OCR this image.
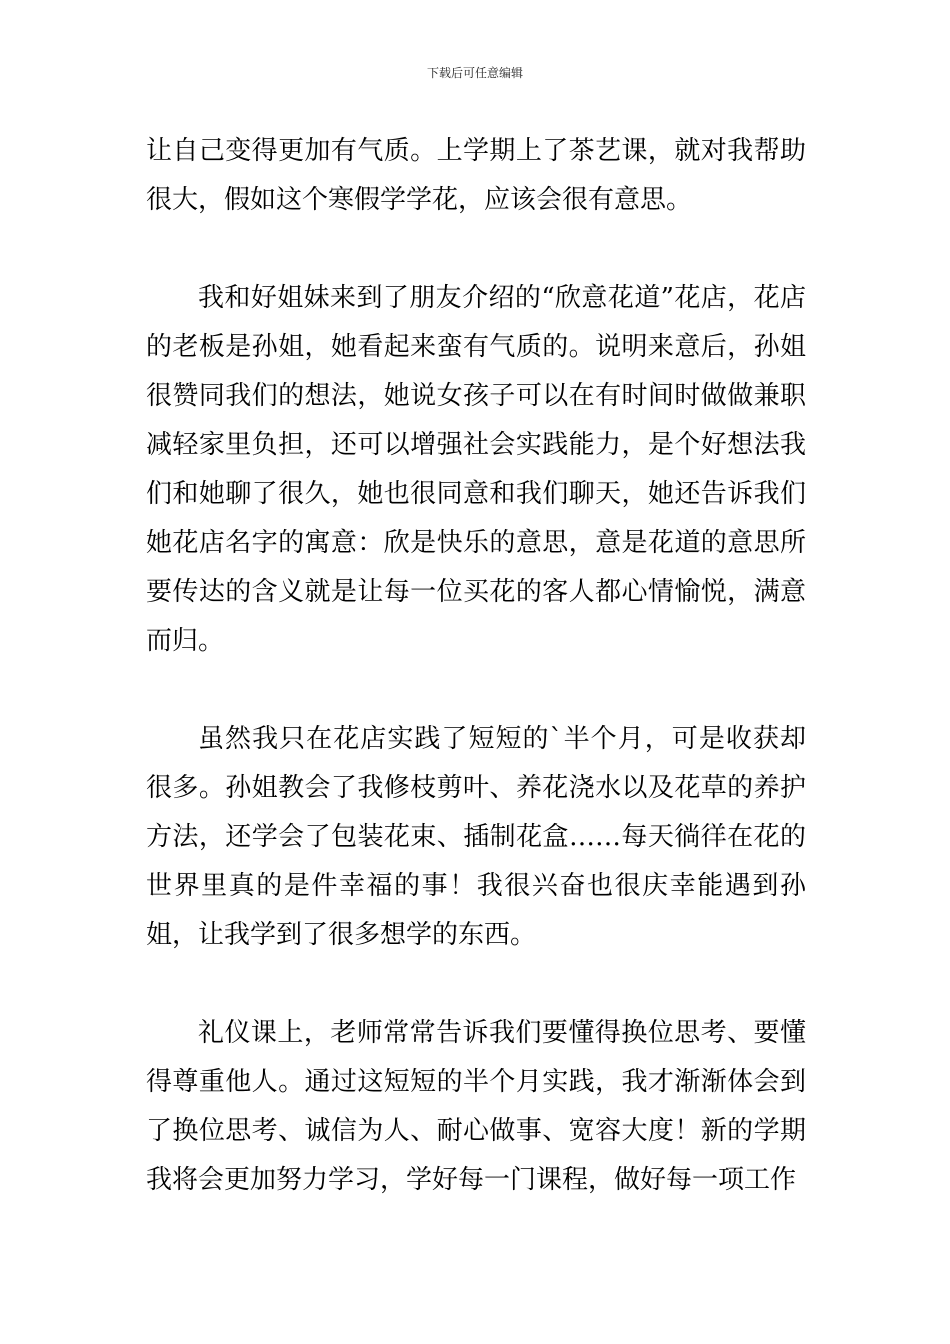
下载后可任意编辑

让自己变得更加有气质。上学期上了茶艺课，就对我帮助很大，假如这个寒假学学花，应该会很有意思。

我和好姐妹来到了朋友介绍的“欣意花道”花店，花店的老板是孙姐，她看起来蛮有气质的。说明来意后，孙姐很赞同我们的想法，她说女孩子可以在有时间时做做兼职减轻家里负担，还可以增强社会实践能力，是个好想法我们和她聊了很久，她也很同意和我们聊天，她还告诉我们她花店名字的寓意：欣是快乐的意思，意是花道的意思所要传达的含义就是让每一位买花的客人都心情愉悦，满意而归。

虽然我只在花店实践了短短的`半个月，可是收获却很多。孙姐教会了我修枝剪叶、养花浇水以及花草的养护方法，还学会了包装花束、插制花盒……每天徜徉在花的世界里真的是件幸福的事！我很兴奋也很庆幸能遇到孙姐，让我学到了很多想学的东西。

礼仪课上，老师常常告诉我们要懂得换位思考、要懂得尊重他人。通过这短短的半个月实践，我才渐渐体会到了换位思考、诚信为人、耐心做事、宽容大度！新的学期我将会更加努力学习，学好每一门课程，做好每一项工作
